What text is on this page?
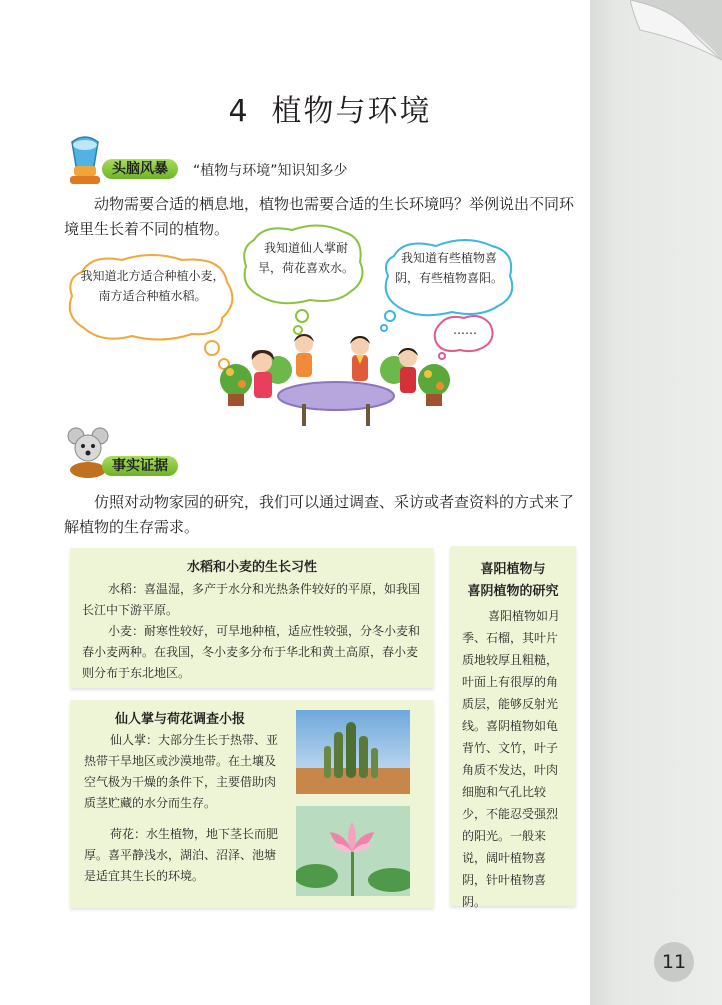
4 植物与环境
头脑风暴	“植物与环境”知识知多少
动物需要合适的栖息地，植物也需要合适的生长环境吗？举例说出不同环境里生长着不同的植物。
我知道北方适合种植小麦，南方适合种植水稻。
我知道仙人掌耐旱，荷花喜欢水。
我知道有些植物喜阴，有些植物喜阳。
……
事实证据
仿照对动物家园的研究，我们可以通过调查、采访或者查资料的方式来了解植物的生存需求。
水稻和小麦的生长习性
水稻：喜温湿，多产于水分和光热条件较好的平原，如我国长江中下游平原。
小麦：耐寒性较好，可旱地种植，适应性较强，分冬小麦和春小麦两种。在我国，冬小麦多分布于华北和黄土高原，春小麦则分布于东北地区。
仙人掌与荷花调查小报
仙人掌：大部分生长于热带、亚热带干旱地区或沙漠地带。在土壤及空气极为干燥的条件下，主要借助肉质茎贮藏的水分而生存。
荷花：水生植物，地下茎长而肥厚。喜平静浅水，湖泊、沼泽、池塘是适宜其生长的环境。
喜阳植物与
喜阴植物的研究
喜阳植物如月季、石榴，其叶片质地较厚且粗糙，叶面上有很厚的角质层，能够反射光线。喜阴植物如龟背竹、文竹，叶子角质不发达，叶肉细胞和气孔比较少，不能忍受强烈的阳光。一般来说，阔叶植物喜阴，针叶植物喜阴。
11
